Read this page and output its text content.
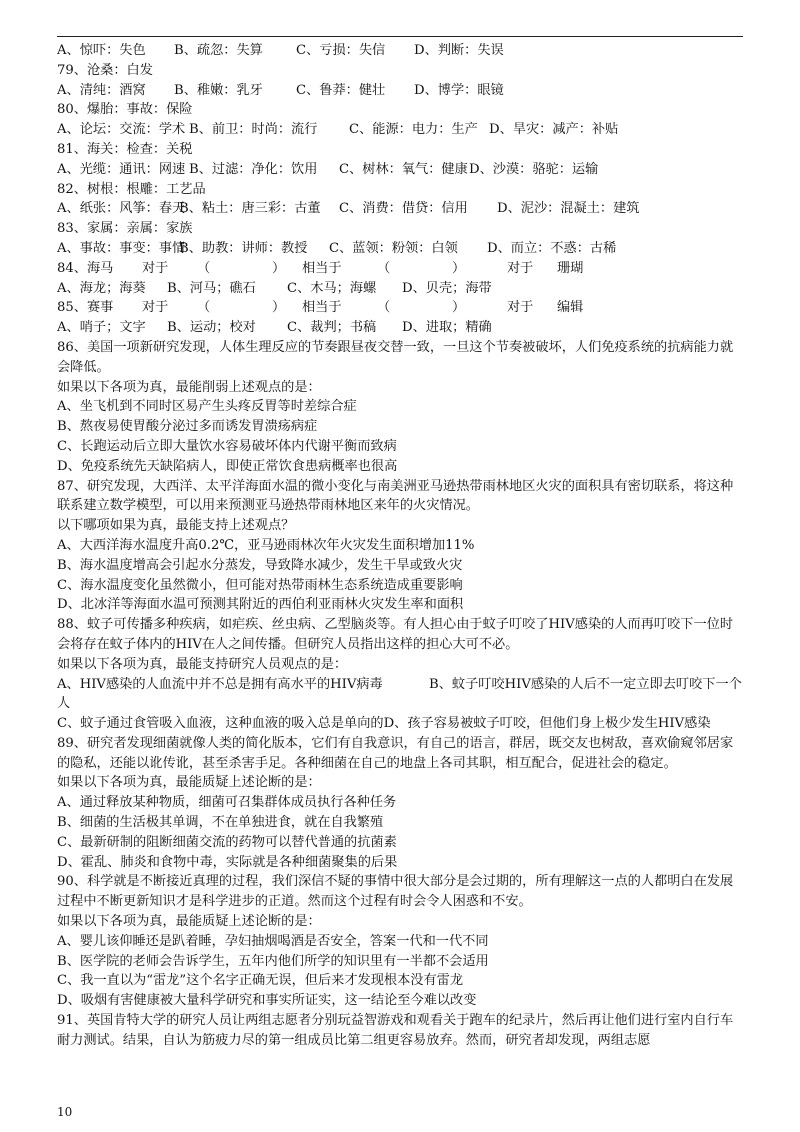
A、惊吓：失色	B、疏忽：失算	C、亏损：失信	D、判断：失误
79、沧桑：白发
A、清纯：酒窝	B、稚嫩：乳牙	C、鲁莽：健壮	D、博学：眼镜
80、爆胎：事故：保险
A、论坛：交流：学术 B、前卫：时尚：流行	C、能源：电力：生产 D、旱灾：减产：补贴
81、海关：检查：关税
A、光缆：通讯：网速 B、过滤：净化：饮用	C、树林：氧气：健康 D、沙漠：骆驼：运输
82、树根：根雕：工艺品
A、纸张：风筝：春天
B、粘土：唐三彩：古董	C、消费：借贷：信用	D、泥沙：混凝土：建筑
83、家属：亲属：家族
A、事故：事变：事情
B、助教：讲师：教授	C、蓝领：粉领：白领	D、而立：不惑：古稀
84、海马	对于	（	）	相当于	（	）	对于	珊瑚
A、海龙；海葵	B、河马；礁石	C、木马；海螺	D、贝壳；海带
85、赛事	对于	（	）	相当于	（	）	对于	编辑
A、哨子；文字	B、运动；校对	C、裁判；书稿	D、进取；精确
86、美国一项新研究发现，人体生理反应的节奏跟昼夜交替一致，一旦这个节奏被破坏，人们免疫系统的抗病能力就会降低。
如果以下各项为真，最能削弱上述观点的是：
A、坐飞机到不同时区易产生头疼反胃等时差综合症
B、熬夜易使胃酸分泌过多而诱发胃溃疡病症
C、长跑运动后立即大量饮水容易破坏体内代谢平衡而致病
D、免疫系统先天缺陷病人，即使正常饮食患病概率也很高
87、研究发现，大西洋、太平洋海面水温的微小变化与南美洲亚马逊热带雨林地区火灾的面积具有密切联系，将这种联系建立数学模型，可以用来预测亚马逊热带雨林地区来年的火灾情况。
以下哪项如果为真，最能支持上述观点？
A、大西洋海水温度升高0.2℃，亚马逊雨林次年火灾发生面积增加11%
B、海水温度增高会引起水分蒸发，导致降水减少，发生干旱或致火灾
C、海水温度变化虽然微小，但可能对热带雨林生态系统造成重要影响
D、北冰洋等海面水温可预测其附近的西伯利亚雨林火灾发生率和面积
88、蚊子可传播多种疾病，如疟疾、丝虫病、乙型脑炎等。有人担心由于蚊子叮咬了HIV感染的人而再叮咬下一位时会将存在蚊子体内的HIV在人之间传播。但研究人员指出这样的担心大可不必。
如果以下各项为真，最能支持研究人员观点的是：
A、HIV感染的人血流中并不总是拥有高水平的HIV病毒	B、蚊子叮咬HIV感染的人后不一定立即去叮咬下一个人
C、蚊子通过食管吸入血液，这种血液的吸入总是单向的D、孩子容易被蚊子叮咬，但他们身上极少发生HIV感染
89、研究者发现细菌就像人类的简化版本，它们有自我意识，有自己的语言，群居，既交友也树敌，喜欢偷窥邻居家的隐私，还能以讹传讹，甚至杀害手足。各种细菌在自己的地盘上各司其职，相互配合，促进社会的稳定。
如果以下各项为真，最能质疑上述论断的是：
A、通过释放某种物质，细菌可召集群体成员执行各种任务
B、细菌的生活极其单调，不在单独进食，就在自我繁殖
C、最新研制的阻断细菌交流的药物可以替代普通的抗菌素
D、霍乱、肺炎和食物中毒，实际就是各种细菌聚集的后果
90、科学就是不断接近真理的过程，我们深信不疑的事情中很大部分是会过期的，所有理解这一点的人都明白在发展过程中不断更新知识才是科学进步的正道。然而这个过程有时会令人困惑和不安。
如果以下各项为真，最能质疑上述论断的是：
A、婴儿该仰睡还是趴着睡，孕妇抽烟喝酒是否安全，答案一代和一代不同
B、医学院的老师会告诉学生，五年内他们所学的知识里有一半都不会适用
C、我一直以为“雷龙”这个名字正确无误，但后来才发现根本没有雷龙
D、吸烟有害健康被大量科学研究和事实所证实，这一结论至今难以改变
91、英国肯特大学的研究人员让两组志愿者分别玩益智游戏和观看关于跑车的纪录片，然后再让他们进行室内自行车耐力测试。结果，自认为筋疲力尽的第一组成员比第二组更容易放弃。然而，研究者却发现，两组志愿
10
